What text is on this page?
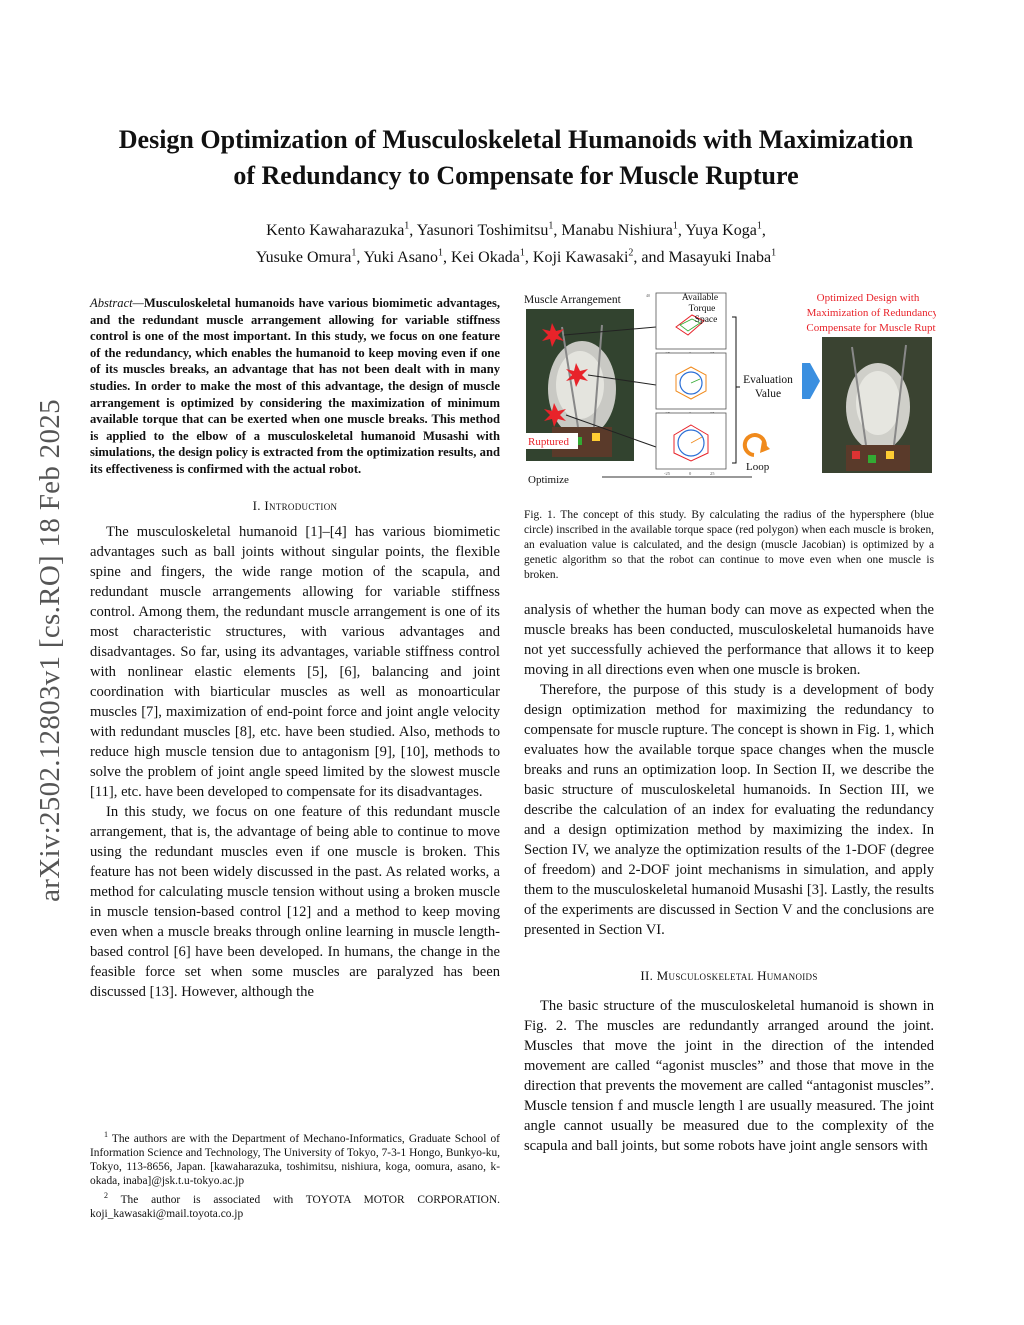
arXiv:2502.12803v1 [cs.RO] 18 Feb 2025
Design Optimization of Musculoskeletal Humanoids with Maximization
of Redundancy to Compensate for Muscle Rupture
Kento Kawaharazuka$^1$, Yasunori Toshimitsu$^1$, Manabu Nishiura$^1$, Yuya Koga$^1$,
Yusuke Omura$^1$, Yuki Asano$^1$, Kei Okada$^1$, Koji Kawasaki$^2$, and Masayuki Inaba$^1$

Abstract—Musculoskeletal humanoids have various biomimetic advantages, and the redundant muscle arrangement allowing for variable stiffness control is one of the most important. In this study, we focus on one feature of the redundancy, which enables the humanoid to keep moving even if one of its muscles breaks, an advantage that has not been dealt with in many studies. In order to make the most of this advantage, the design of muscle arrangement is optimized by considering the maximization of minimum available torque that can be exerted when one muscle breaks. This method is applied to the elbow of a musculoskeletal humanoid Musashi with simulations, the design policy is extracted from the optimization results, and its effectiveness is confirmed with the actual robot.

I. Introduction

The musculoskeletal humanoid [1]–[4] has various biomimetic advantages such as ball joints without singular points, the flexible spine and fingers, the wide range motion of the scapula, and redundant muscle arrangements allowing for variable stiffness control. Among them, the redundant muscle arrangement is one of its most characteristic structures, with various advantages and disadvantages. So far, using its advantages, variable stiffness control with nonlinear elastic elements [5], [6], balancing and joint coordination with biarticular muscles as well as monoarticular muscles [7], maximization of end-point force and joint angle velocity with redundant muscles [8], etc. have been studied. Also, methods to reduce high muscle tension due to antagonism [9], [10], methods to solve the problem of joint angle speed limited by the slowest muscle [11], etc. have been developed to compensate for its disadvantages.

In this study, we focus on one feature of this redundant muscle arrangement, that is, the advantage of being able to continue to move using the redundant muscles even if one muscle is broken. This feature has not been widely discussed in the past. As related works, a method for calculating muscle tension without using a broken muscle in muscle tension-based control [12] and a method to keep moving even when a muscle breaks through online learning in muscle length-based control [6] have been developed. In humans, the change in the feasible force set when some muscles are paralyzed has been discussed [13]. However, although the

$^1$ The authors are with the Department of Mechano-Informatics, Graduate School of Information Science and Technology, The University of Tokyo, 7-3-1 Hongo, Bunkyo-ku, Tokyo, 113-8656, Japan. [kawaharazuka, toshimitsu, nishiura, koga, oomura, asano, k-okada, inaba]@jsk.t.u-tokyo.ac.jp

$^2$ The author is associated with TOYOTA MOTOR CORPORATION. koji_kawasaki@mail.toyota.co.jp

Muscle Arrangement
Ruptured
Optimize
40
-25	0	25
Available
Torque
Space
Evaluation
Value
Loop
Optimized Design with
Maximization of Redundancy to
Compensate for Muscle Rupture
Fig. 1. The concept of this study. By calculating the radius of the hypersphere (blue circle) inscribed in the available torque space (red polygon) when each muscle is broken, an evaluation value is calculated, and the design (muscle Jacobian) is optimized by a genetic algorithm so that the robot can continue to move even when one muscle is broken.

analysis of whether the human body can move as expected when the muscle breaks has been conducted, musculoskeletal humanoids have not yet successfully achieved the performance that allows it to keep moving in all directions even when one muscle is broken.

Therefore, the purpose of this study is a development of body design optimization method for maximizing the redundancy to compensate for muscle rupture. The concept is shown in Fig. 1, which evaluates how the available torque space changes when the muscle breaks and runs an optimization loop. In Section II, we describe the basic structure of musculoskeletal humanoids. In Section III, we describe the calculation of an index for evaluating the redundancy and a design optimization method by maximizing the index. In Section IV, we analyze the optimization results of the 1-DOF (degree of freedom) and 2-DOF joint mechanisms in simulation, and apply them to the musculoskeletal humanoid Musashi [3]. Lastly, the results of the experiments are discussed in Section V and the conclusions are presented in Section VI.

II. Musculoskeletal Humanoids

The basic structure of the musculoskeletal humanoid is shown in Fig. 2. The muscles are redundantly arranged around the joint. Muscles that move the joint in the direction of the intended movement are called “agonist muscles” and those that move in the direction that prevents the movement are called “antagonist muscles”. Muscle tension f and muscle length l are usually measured. The joint angle cannot usually be measured due to the complexity of the scapula and ball joints, but some robots have joint angle sensors with
